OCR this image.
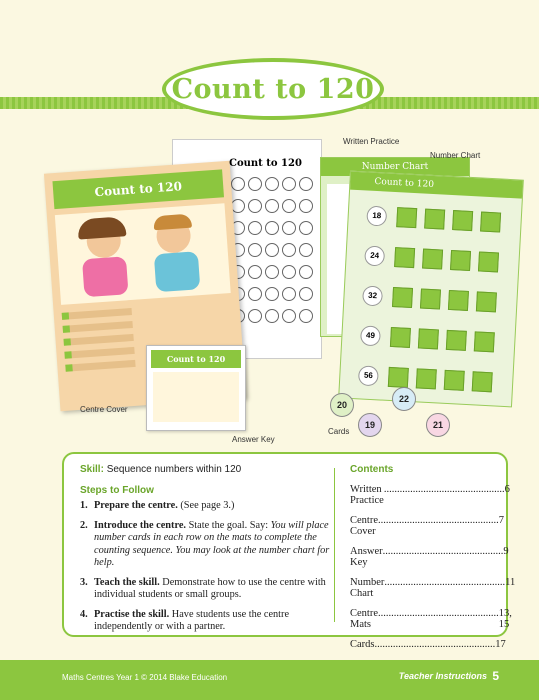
Count to 120
Count to 120
Written Practice
Number Chart
Number Chart
Count to 120
18
24
32
49
56
20
22
19	21
Cards
Count to 120
Centre Cover
Count to 120
Answer Key
Skill: Sequence numbers within 120
Steps to Follow
1. Prepare the centre. (See page 3.)
2. Introduce the centre. State the goal. Say: You will place number cards in each row on the mats to complete the counting sequence. You may look at the number chart for help.
3. Teach the skill. Demonstrate how to use the centre with individual students or small groups.
4. Practise the skill. Have students use the centre independently or with a partner.
Contents
Written Practice
.............................................. 6
Centre Cover
.............................................. 7
Answer Key
.............................................. 9
Number Chart
.............................................. 11
Centre Mats
.............................................. 13, 15
Cards .............................................. 17
Maths Centres Year 1 © 2014 Blake Education	Teacher Instructions 5
